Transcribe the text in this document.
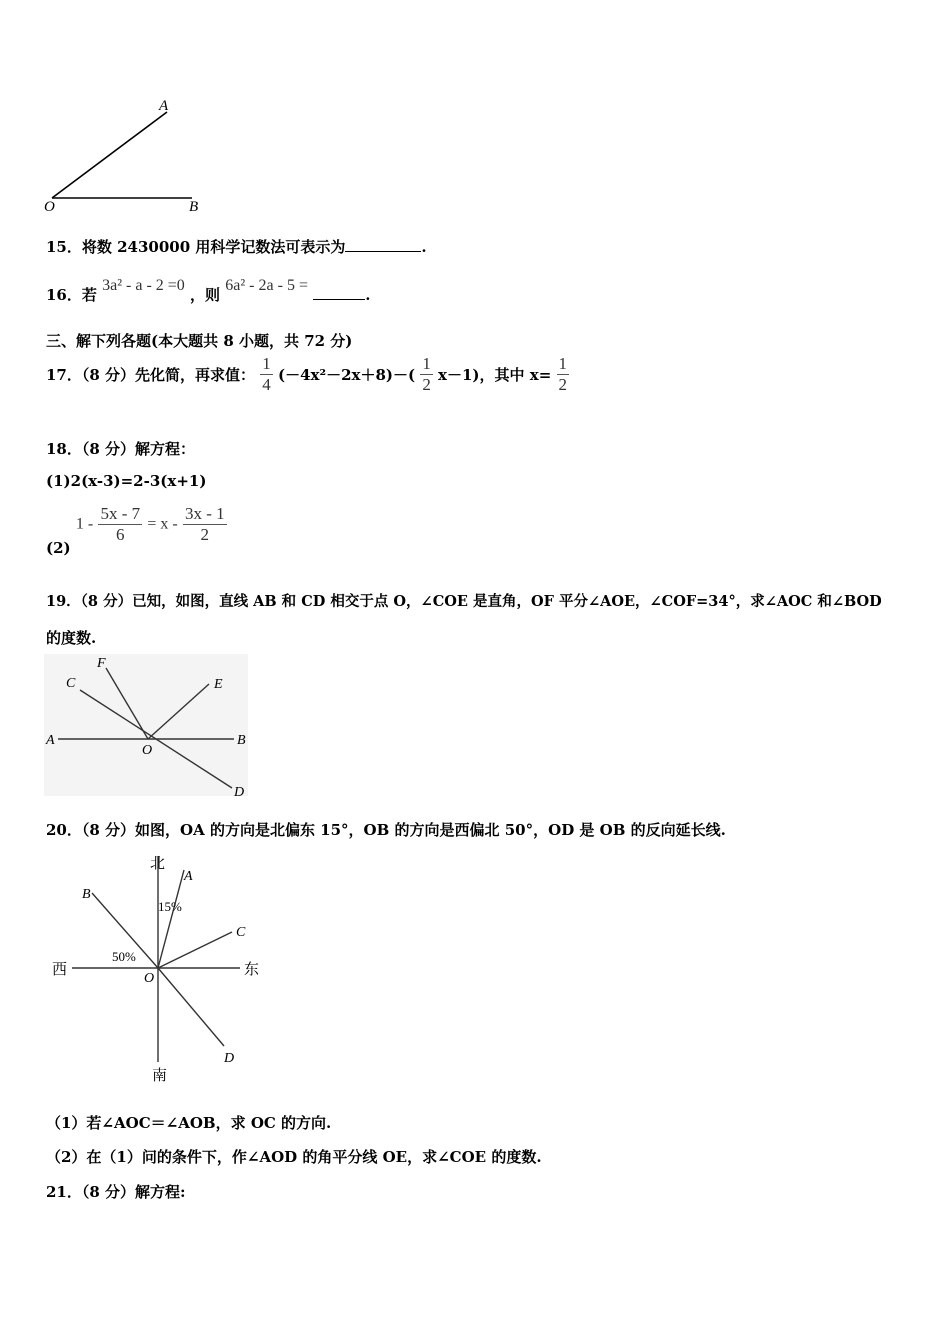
A
O	B
15．将数 2430000 用科学记数法可表示为	.
16．若 3a² - a - 2 =0 ，则 6a² - 2a - 5 = .
三、解下列各题(本大题共 8 小题，共 72 分)
17．（8 分）先化简，再求值： $\frac{1}{4} (-4x^2-2x+8)-( \frac{1}{2} x-1)$，其中 $x= \frac{1}{2}$
18．（8 分）解方程：
(1)2(x-3)=2-3(x+1)
(2) $1 - \frac{5x - 7}{6} = x - \frac{3x - 1}{2}$
19．（8 分）已知，如图，直线 AB 和 CD 相交于点 O，∠COE 是直角，OF 平分∠AOE，∠COF=34°，求∠AOC 和∠BOD
的度数.
A	B
C
D
E
F
O
20．（8 分）如图，OA 的方向是北偏东 15°，OB 的方向是西偏北 50°，OD 是 OB 的反向延长线.
北
南
西	东
A
B
C
D
O
15%
50%
（1）若∠AOC＝∠AOB，求 OC 的方向.
（2）在（1）问的条件下，作∠AOD 的角平分线 OE，求∠COE 的度数.
21．（8 分）解方程:
